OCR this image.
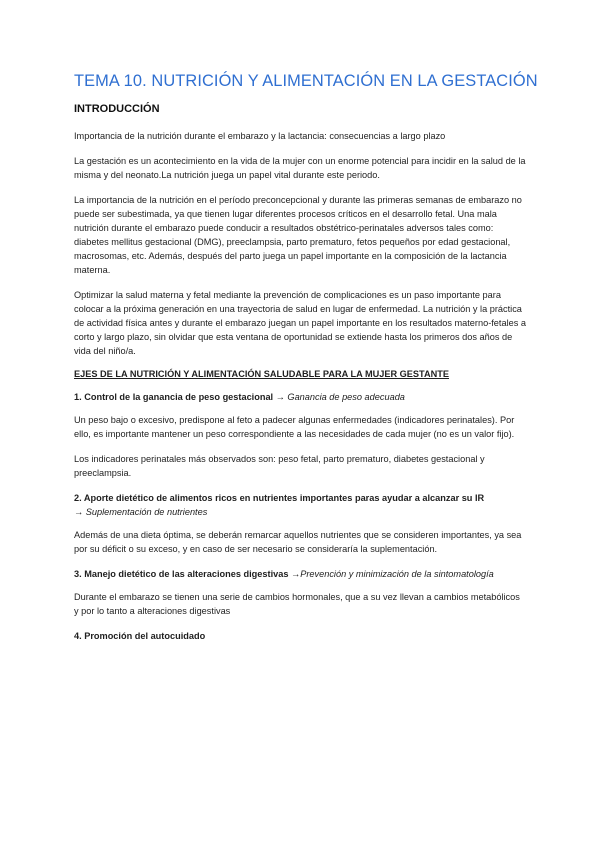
TEMA 10. NUTRICIÓN Y ALIMENTACIÓN EN LA GESTACIÓN
INTRODUCCIÓN

Importancia de la nutrición durante el embarazo y la lactancia: consecuencias a largo plazo

La gestación es un acontecimiento en la vida de la mujer con un enorme potencial para incidir en la salud de la misma y del neonato.La nutrición juega un papel vital durante este periodo.

La importancia de la nutrición en el período preconcepcional y durante las primeras semanas de embarazo no puede ser subestimada, ya que tienen lugar diferentes procesos críticos en el desarrollo fetal. Una mala nutrición durante el embarazo puede conducir a resultados obstétrico-perinatales adversos tales como: diabetes mellitus gestacional (DMG), preeclampsia, parto prematuro, fetos pequeños por edad gestacional, macrosomas, etc. Además, después del parto juega un papel importante en la composición de la lactancia materna.

Optimizar la salud materna y fetal mediante la prevención de complicaciones es un paso importante para colocar a la próxima generación en una trayectoria de salud en lugar de enfermedad. La nutrición y la práctica de actividad física antes y durante el embarazo juegan un papel importante en los resultados materno-fetales a corto y largo plazo, sin olvidar que esta ventana de oportunidad se extiende hasta los primeros dos años de vida del niño/a.

EJES DE LA NUTRICIÓN Y ALIMENTACIÓN SALUDABLE PARA LA MUJER GESTANTE
1. Control de la ganancia de peso gestacional → Ganancia de peso adecuada

Un peso bajo o excesivo, predispone al feto a padecer algunas enfermedades (indicadores perinatales). Por ello, es importante mantener un peso correspondiente a las necesidades de cada mujer (no es un valor fijo).

Los indicadores perinatales más observados son: peso fetal, parto prematuro, diabetes gestacional y preeclampsia.

2. Aporte dietético de alimentos ricos en nutrientes importantes paras ayudar a alcanzar su IR
→ Suplementación de nutrientes

Además de una dieta óptima, se deberán remarcar aquellos nutrientes que se consideren importantes, ya sea por su déficit o su exceso, y en caso de ser necesario se consideraría la suplementación.

3. Manejo dietético de las alteraciones digestivas →Prevención y minimización de la sintomatología

Durante el embarazo se tienen una serie de cambios hormonales, que a su vez llevan a cambios metabólicos y por lo tanto a alteraciones digestivas

4. Promoción del autocuidado
